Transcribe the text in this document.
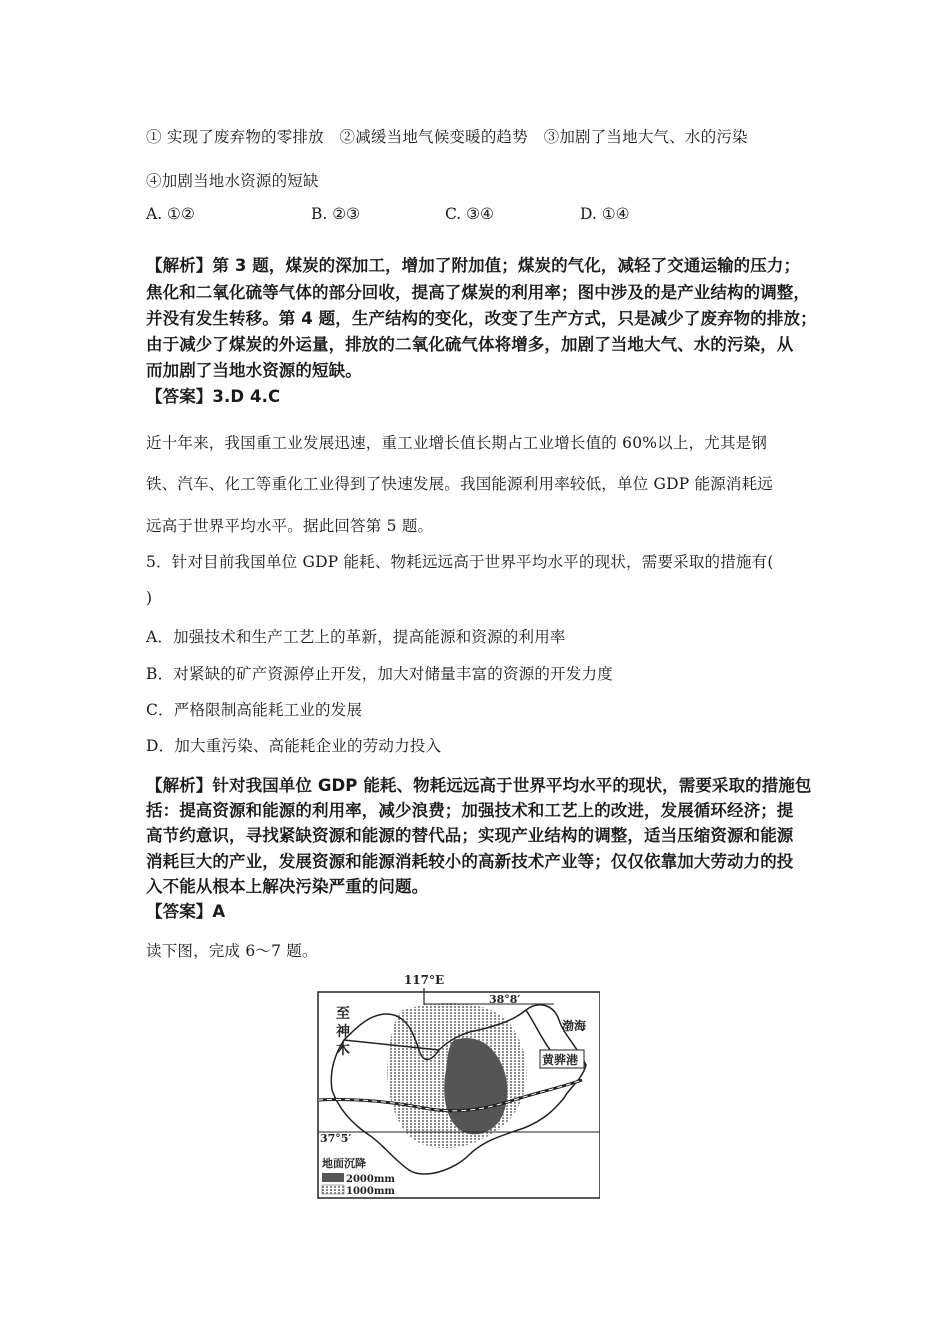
① 实现了废弃物的零排放　②减缓当地气候变暖的趋势　③加剧了当地大气、水的污染
④加剧当地水资源的短缺
A. ①②	B. ②③	C. ③④	D. ①④
【解析】第 3 题，煤炭的深加工，增加了附加值；煤炭的气化，减轻了交通运输的压力；
焦化和二氧化硫等气体的部分回收，提高了煤炭的利用率；图中涉及的是产业结构的调整，
并没有发生转移。第 4 题，生产结构的变化，改变了生产方式，只是减少了废弃物的排放；
由于减少了煤炭的外运量，排放的二氧化硫气体将增多，加剧了当地大气、水的污染，从
而加剧了当地水资源的短缺。
【答案】3.D 4.C
近十年来，我国重工业发展迅速，重工业增长值长期占工业增长值的 60%以上，尤其是钢
铁、汽车、化工等重化工业得到了快速发展。我国能源利用率较低，单位 GDP 能源消耗远
远高于世界平均水平。据此回答第 5 题。
5．针对目前我国单位 GDP 能耗、物耗远远高于世界平均水平的现状，需要采取的措施有(
)
A．加强技术和生产工艺上的革新，提高能源和资源的利用率
B．对紧缺的矿产资源停止开发，加大对储量丰富的资源的开发力度
C．严格限制高能耗工业的发展
D．加大重污染、高能耗企业的劳动力投入
【解析】针对我国单位 GDP 能耗、物耗远远高于世界平均水平的现状，需要采取的措施包
括：提高资源和能源的利用率，减少浪费；加强技术和工艺上的改进，发展循环经济；提
高节约意识，寻找紧缺资源和能源的替代品；实现产业结构的调整，适当压缩资源和能源
消耗巨大的产业，发展资源和能源消耗较小的高新技术产业等；仅仅依靠加大劳动力的投
入不能从根本上解决污染严重的问题。
【答案】A
读下图，完成 6～7 题。
117°E
38°8′
37°5′
至
神
木
渤海
黄骅港
地面沉降
2000mm
1000mm
